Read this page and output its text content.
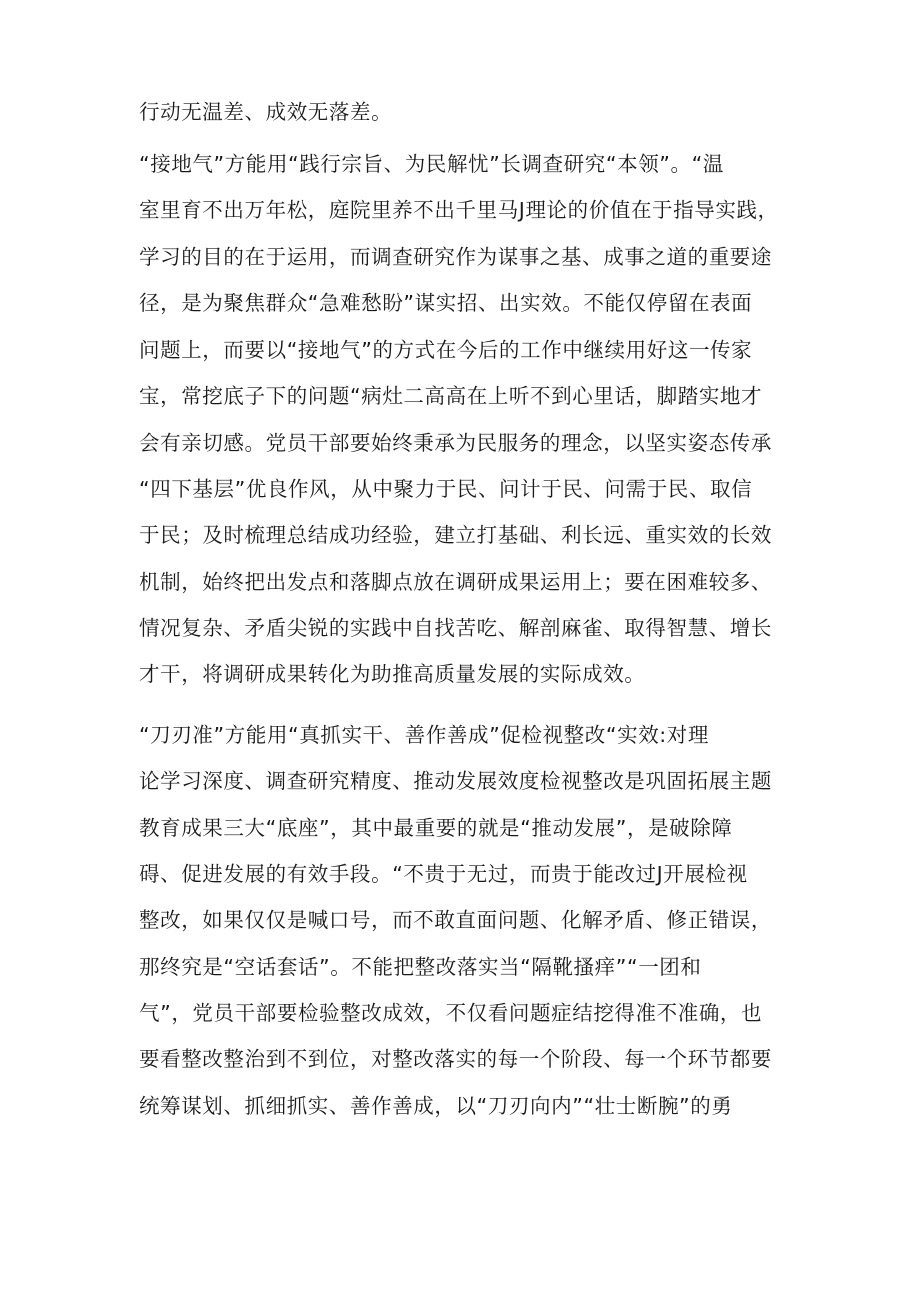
行动无温差、成效无落差。
“接地气”方能用“践行宗旨、为民解忧”长调查研究“本领”。“温
室里育不出万年松，庭院里养不出千里马J理论的价值在于指导实践，
学习的目的在于运用，而调查研究作为谋事之基、成事之道的重要途
径，是为聚焦群众“急难愁盼”谋实招、出实效。不能仅停留在表面
问题上，而要以“接地气”的方式在今后的工作中继续用好这一传家
宝，常挖底子下的问题“病灶二高高在上听不到心里话，脚踏实地才
会有亲切感。党员干部要始终秉承为民服务的理念，以坚实姿态传承
“四下基层”优良作风，从中聚力于民、问计于民、问需于民、取信
于民；及时梳理总结成功经验，建立打基础、利长远、重实效的长效
机制，始终把出发点和落脚点放在调研成果运用上；要在困难较多、
情况复杂、矛盾尖锐的实践中自找苦吃、解剖麻雀、取得智慧、增长
才干，将调研成果转化为助推高质量发展的实际成效。
“刀刃准”方能用“真抓实干、善作善成”促检视整改“实效:对理
论学习深度、调查研究精度、推动发展效度检视整改是巩固拓展主题
教育成果三大“底座”，其中最重要的就是“推动发展”，是破除障
碍、促进发展的有效手段。“不贵于无过，而贵于能改过J开展检视
整改，如果仅仅是喊口号，而不敢直面问题、化解矛盾、修正错误，
那终究是“空话套话”。不能把整改落实当“隔靴搔痒”“一团和
气”，党员干部要检验整改成效，不仅看问题症结挖得准不准确，也
要看整改整治到不到位，对整改落实的每一个阶段、每一个环节都要
统筹谋划、抓细抓实、善作善成，以“刀刃向内”“壮士断腕”的勇
